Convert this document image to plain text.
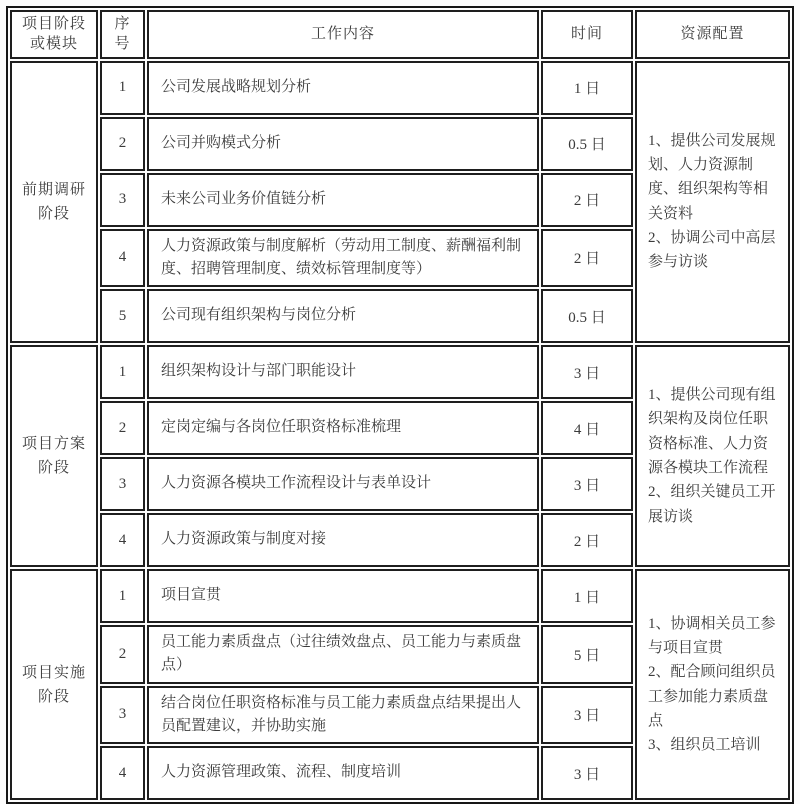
项目阶段或模块	序号	工作内容	时间	资源配置
前期调研阶段	1	公司发展战略规划分析	1 日	1、提供公司发展规划、人力资源制度、组织架构等相关资料
2、协调公司中高层参与访谈

	2	公司并购模式分析	0.5 日	
	3	未来公司业务价值链分析	2 日	
	4	人力资源政策与制度解析（劳动用工制度、薪酬福利制度、招聘管理制度、绩效标管理制度等）	2 日	
	5	公司现有组织架构与岗位分析	0.5 日	
项目方案阶段	1	组织架构设计与部门职能设计	3 日	1、提供公司现有组织架构及岗位任职资格标准、人力资源各模块工作流程
2、组织关键员工开展访谈

	2	定岗定编与各岗位任职资格标准梳理	4 日	
	3	人力资源各模块工作流程设计与表单设计	3 日	
	4	人力资源政策与制度对接	2 日	
项目实施阶段	1	项目宣贯	1 日	1、协调相关员工参与项目宣贯
2、配合顾问组织员工参加能力素质盘点
3、组织员工培训

	2	员工能力素质盘点（过往绩效盘点、员工能力与素质盘点）	5 日	
	3	结合岗位任职资格标准与员工能力素质盘点结果提出人员配置建议，并协助实施	3 日	
	4	人力资源管理政策、流程、制度培训	3 日	
